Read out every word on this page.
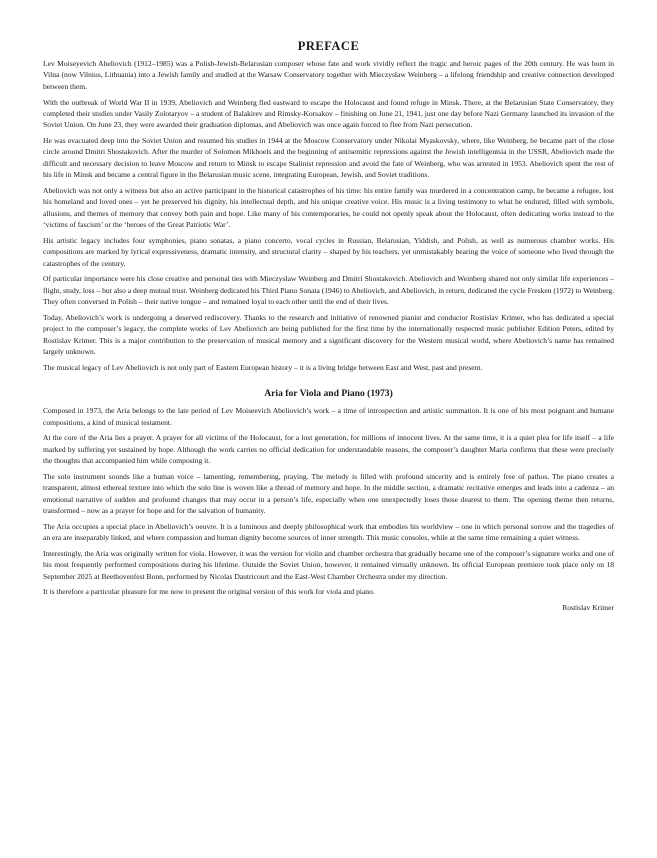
PREFACE

Lev Moiseyevich Abeliovich (1912–1985) was a Polish-Jewish-Belarusian composer whose fate and work vividly reflect the tragic and heroic pages of the 20th century. He was born in Vilna (now Vilnius, Lithuania) into a Jewish family and studied at the Warsaw Conservatory together with Mieczysław Weinberg – a lifelong friendship and creative connection developed between them.

With the outbreak of World War II in 1939, Abeliovich and Weinberg fled eastward to escape the Holocaust and found refuge in Minsk. There, at the Belarusian State Conservatory, they completed their studies under Vasily Zolotaryov – a student of Balakirev and Rimsky-Korsakov – finishing on June 21, 1941, just one day before Nazi Germany launched its invasion of the Soviet Union. On June 23, they were awarded their graduation diplomas, and Abeliovich was once again forced to flee from Nazi persecution.

He was evacuated deep into the Soviet Union and resumed his studies in 1944 at the Moscow Conservatory under Nikolai Myaskovsky, where, like Weinberg, he became part of the close circle around Dmitri Shostakovich. After the murder of Solomon Mikhoels and the beginning of antisemitic repressions against the Jewish intelligentsia in the USSR, Abeliovich made the difficult and necessary decision to leave Moscow and return to Minsk to escape Stalinist repression and avoid the fate of Weinberg, who was arrested in 1953. Abeliovich spent the rest of his life in Minsk and became a central figure in the Belarusian music scene, integrating European, Jewish, and Soviet traditions.

Abeliovich was not only a witness but also an active participant in the historical catastrophes of his time: his entire family was murdered in a concentration camp, he became a refugee, lost his homeland and loved ones – yet he preserved his dignity, his intellectual depth, and his unique creative voice. His music is a living testimony to what he endured, filled with symbols, allusions, and themes of memory that convey both pain and hope. Like many of his contemporaries, he could not openly speak about the Holocaust, often dedicating works instead to the ‘victims of fascism’ or the ‘heroes of the Great Patriotic War’.

His artistic legacy includes four symphonies, piano sonatas, a piano concerto, vocal cycles in Russian, Belarusian, Yiddish, and Polish, as well as numerous chamber works. His compositions are marked by lyrical expressiveness, dramatic intensity, and structural clarity – shaped by his teachers, yet unmistakably bearing the voice of someone who lived through the catastrophes of the century.

Of particular importance were his close creative and personal ties with Mieczysław Weinberg and Dmitri Shostakovich. Abeliovich and Weinberg shared not only similar life experiences – flight, study, loss – but also a deep mutual trust. Weinberg dedicated his Third Piano Sonata (1946) to Abeliovich, and Abeliovich, in return, dedicated the cycle Fresken (1972) to Weinberg. They often conversed in Polish – their native tongue – and remained loyal to each other until the end of their lives.

Today, Abeliovich’s work is undergoing a deserved rediscovery. Thanks to the research and initiative of renowned pianist and conductor Rostislav Krimer, who has dedicated a special project to the composer’s legacy, the complete works of Lev Abeliovich are being published for the first time by the internationally respected music publisher Edition Peters, edited by Rostislav Krimer. This is a major contribution to the preservation of musical memory and a significant discovery for the Western musical world, where Abeliovich’s name has remained largely unknown.

The musical legacy of Lev Abeliovich is not only part of Eastern European history – it is a living bridge between East and West, past and present.

Aria for Viola and Piano (1973)

Composed in 1973, the Aria belongs to the late period of Lev Moiseevich Abeliovich’s work – a time of introspection and artistic summation. It is one of his most poignant and humane compositions, a kind of musical testament.

At the core of the Aria lies a prayer. A prayer for all victims of the Holocaust, for a lost generation, for millions of innocent lives. At the same time, it is a quiet plea for life itself – a life marked by suffering yet sustained by hope. Although the work carries no official dedication for understandable reasons, the composer’s daughter Maria confirms that these were precisely the thoughts that accompanied him while composing it.

The solo instrument sounds like a human voice – lamenting, remembering, praying. The melody is filled with profound sincerity and is entirely free of pathos. The piano creates a transparent, almost ethereal texture into which the solo line is woven like a thread of memory and hope. In the middle section, a dramatic recitative emerges and leads into a cadenza – an emotional narrative of sudden and profound changes that may occur in a person’s life, especially when one unexpectedly loses those dearest to them. The opening theme then returns, transformed – now as a prayer for hope and for the salvation of humanity.

The Aria occupies a special place in Abeliovich’s oeuvre. It is a luminous and deeply philosophical work that embodies his worldview – one in which personal sorrow and the tragedies of an era are inseparably linked, and where compassion and human dignity become sources of inner strength. This music consoles, while at the same time remaining a quiet witness.

Interestingly, the Aria was originally written for viola. However, it was the version for violin and chamber orchestra that gradually became one of the composer’s signature works and one of his most frequently performed compositions during his lifetime. Outside the Soviet Union, however, it remained virtually unknown. Its official European premiere took place only on 18 September 2025 at Beethovenfest Bonn, performed by Nicolas Dautricourt and the East-West Chamber Orchestra under my direction.

It is therefore a particular pleasure for me now to present the original version of this work for viola and piano.

Rostislav Krimer
